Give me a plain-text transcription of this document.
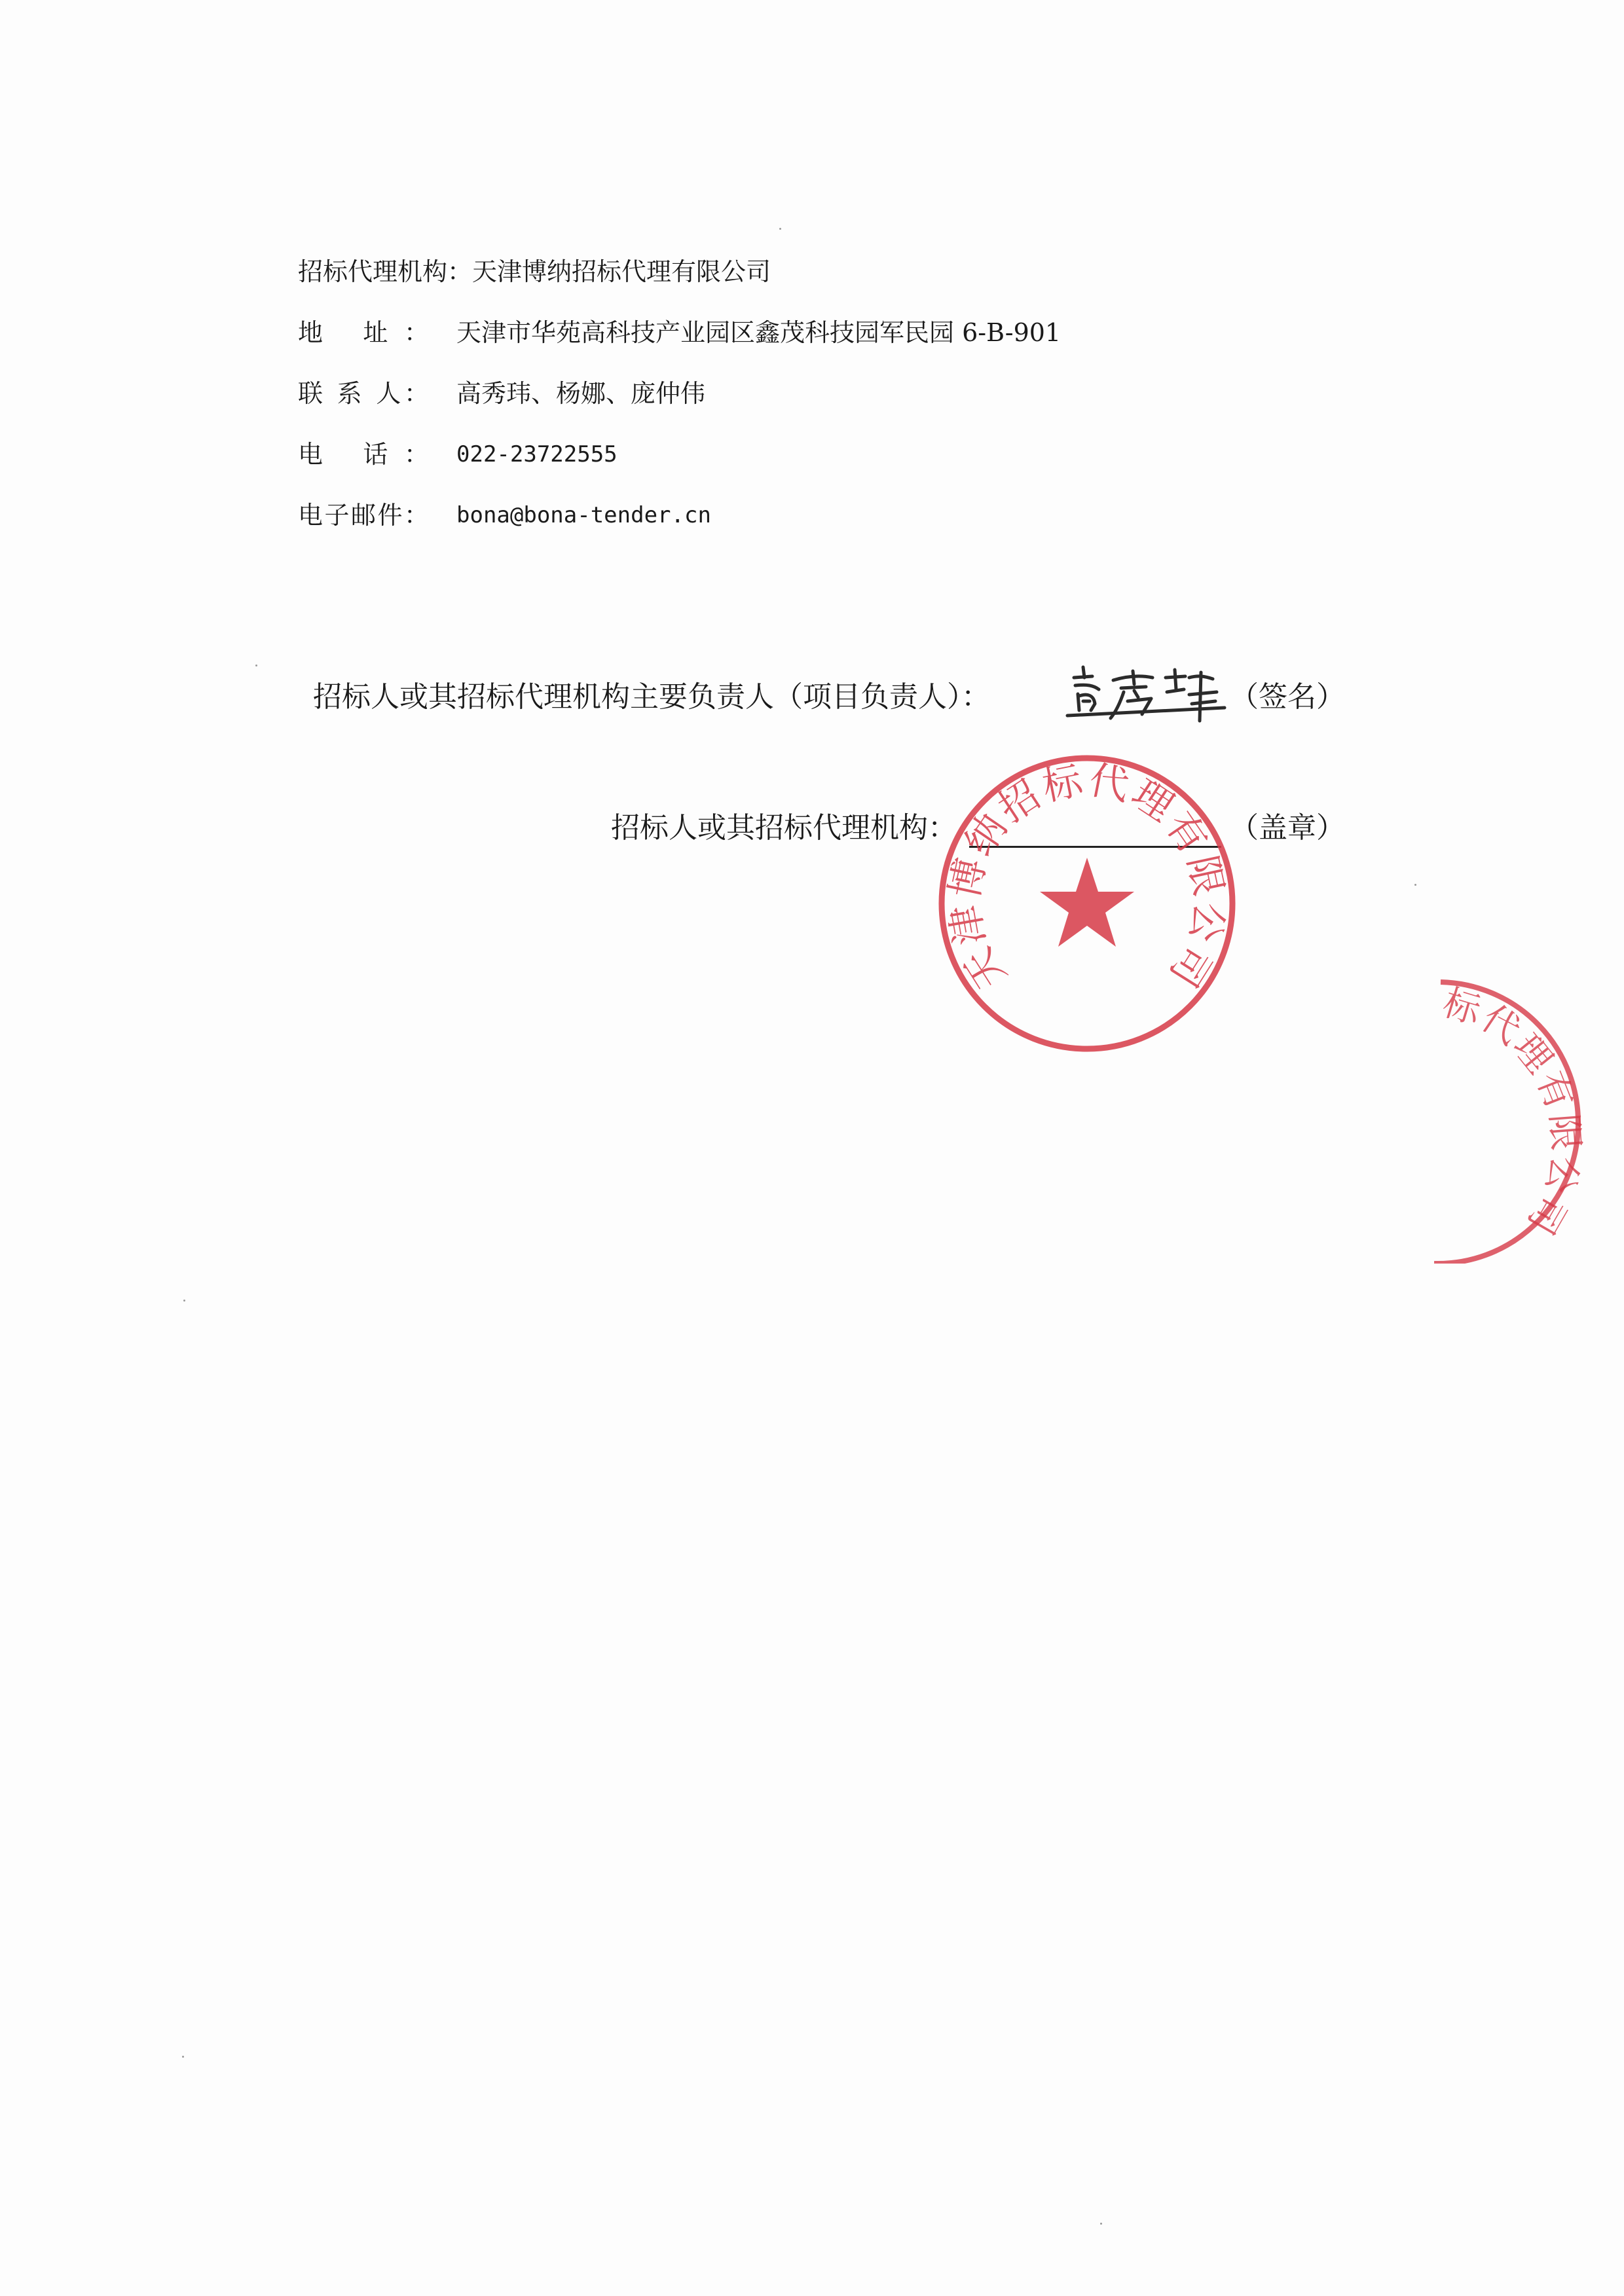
招标代理机构： 天津博纳招标代理有限公司
地 址： 天津市华苑高科技产业园区鑫茂科技园军民园 6-B-901
联 系 人： 高秀玮、杨娜、庞仲伟
电 话： 022-23722555
电子邮件： bona@bona-tender.cn
招标人或其招标代理机构主要负责人（项目负责人）：	（签名）
招标人或其招标代理机构：	（盖章）
天津博纳招标代理有限公司
标代理有限公司
